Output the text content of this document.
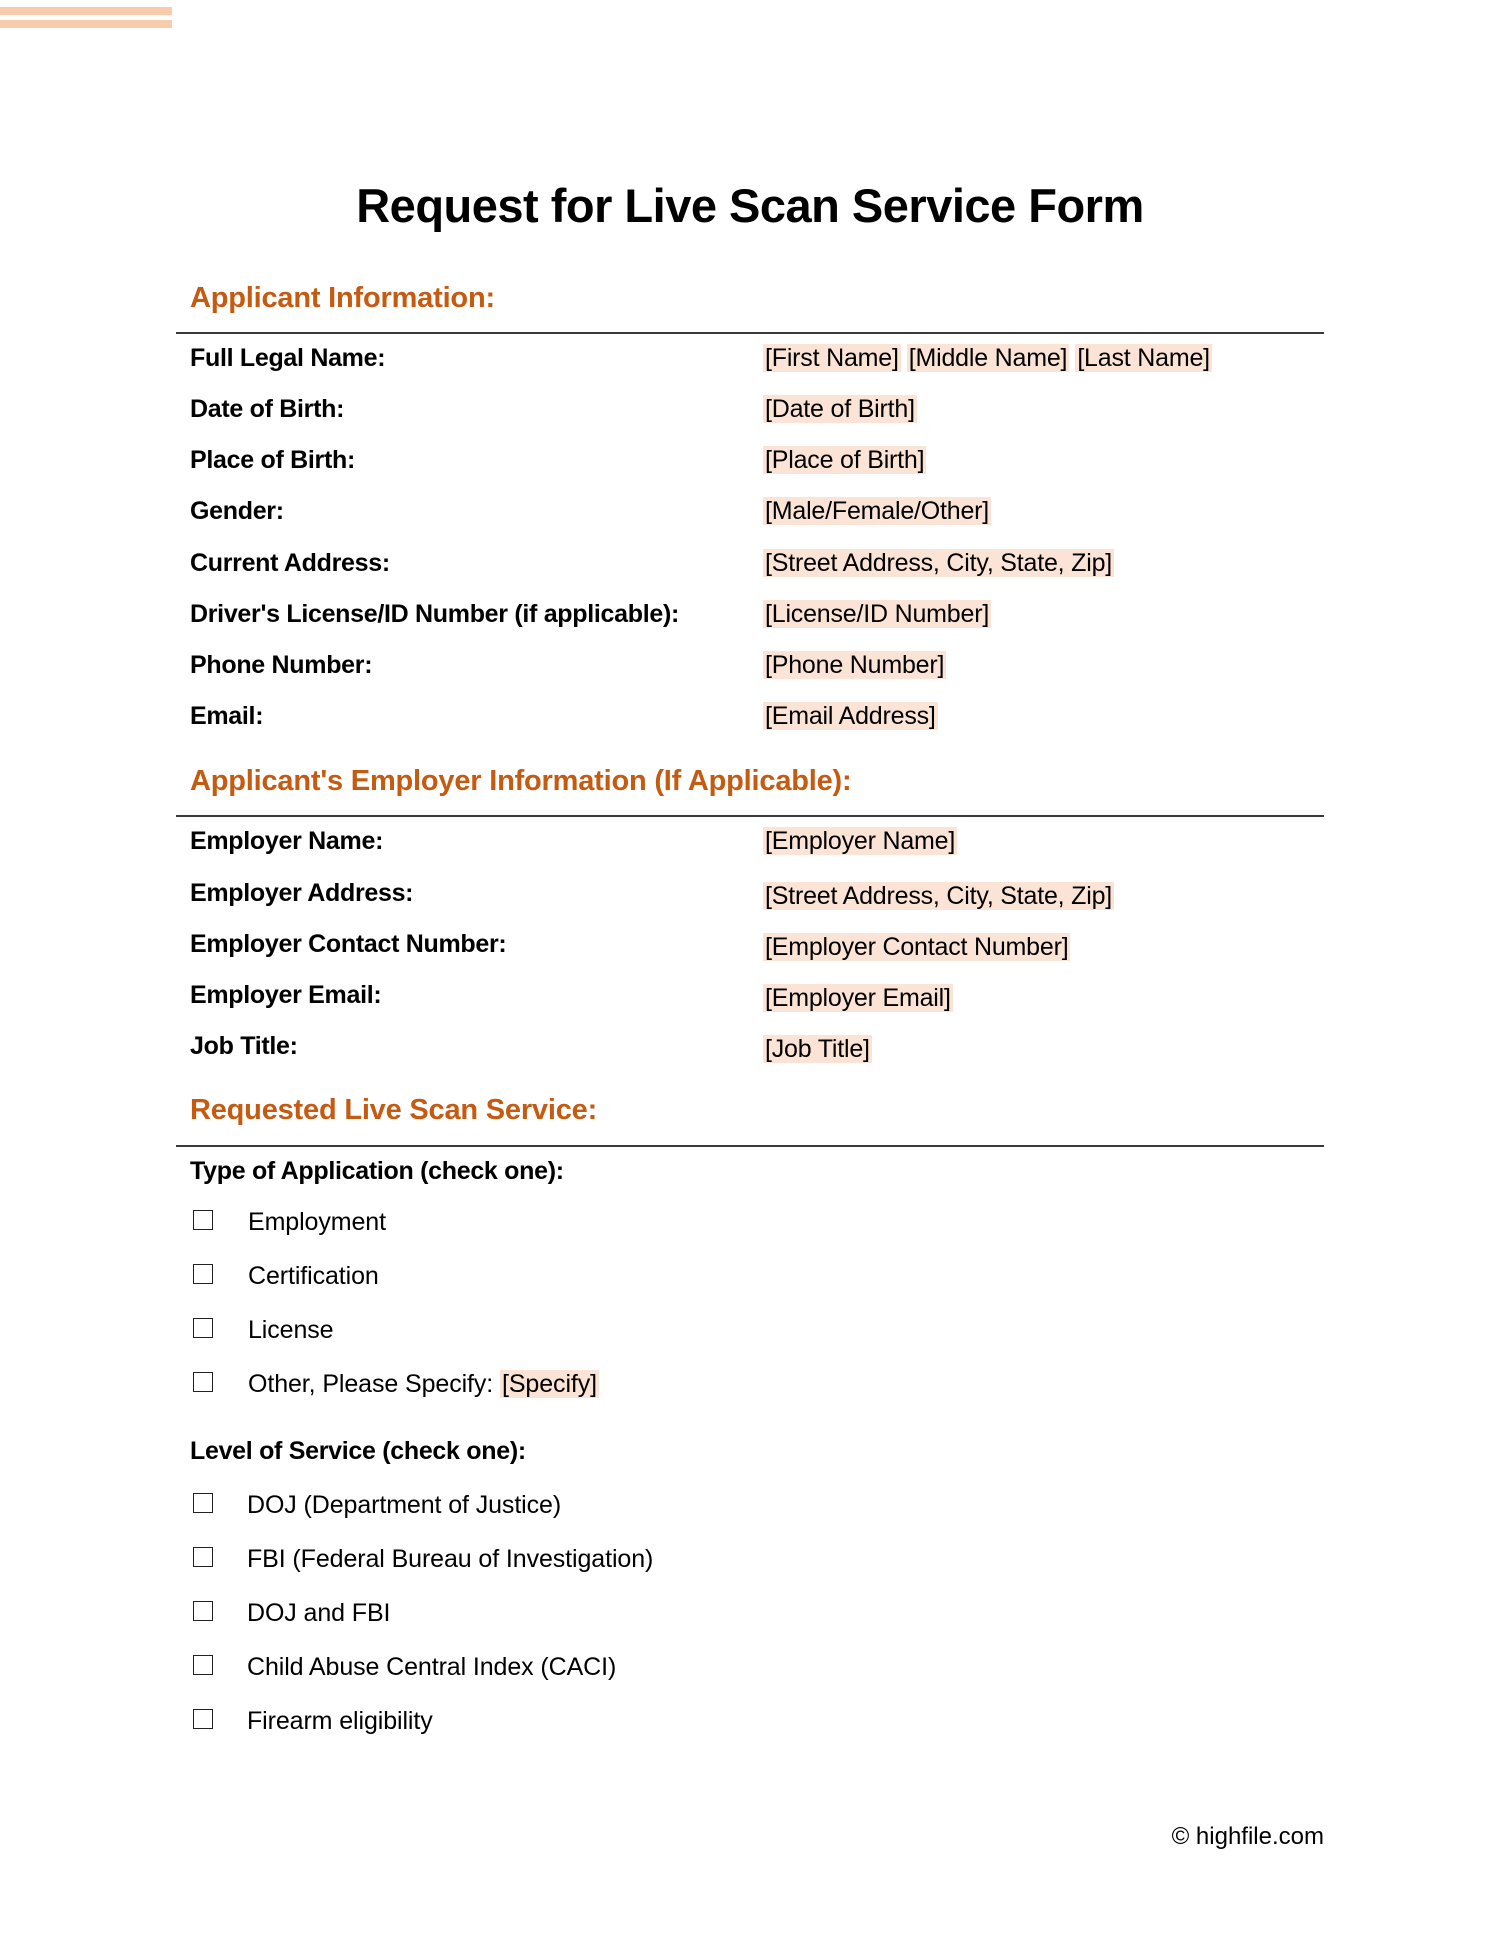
Request for Live Scan Service Form
Applicant Information:
Full Legal Name:	[First Name] [Middle Name] [Last Name]
Date of Birth:	[Date of Birth]
Place of Birth:	[Place of Birth]
Gender:	[Male/Female/Other]
Current Address:	[Street Address, City, State, Zip]
Driver's License/ID Number (if applicable):	[License/ID Number]
Phone Number:	[Phone Number]
Email:	[Email Address]
Applicant's Employer Information (If Applicable):
Employer Name:	[Employer Name]
Employer Address:	[Street Address, City, State, Zip]
Employer Contact Number:	[Employer Contact Number]
Employer Email:	[Employer Email]
Job Title:	[Job Title]
Requested Live Scan Service:
Type of Application (check one):
Employment
Certification
License
Other, Please Specify: [Specify]
Level of Service (check one):
DOJ (Department of Justice)
FBI (Federal Bureau of Investigation)
DOJ and FBI
Child Abuse Central Index (CACI)
Firearm eligibility
© highfile.com
